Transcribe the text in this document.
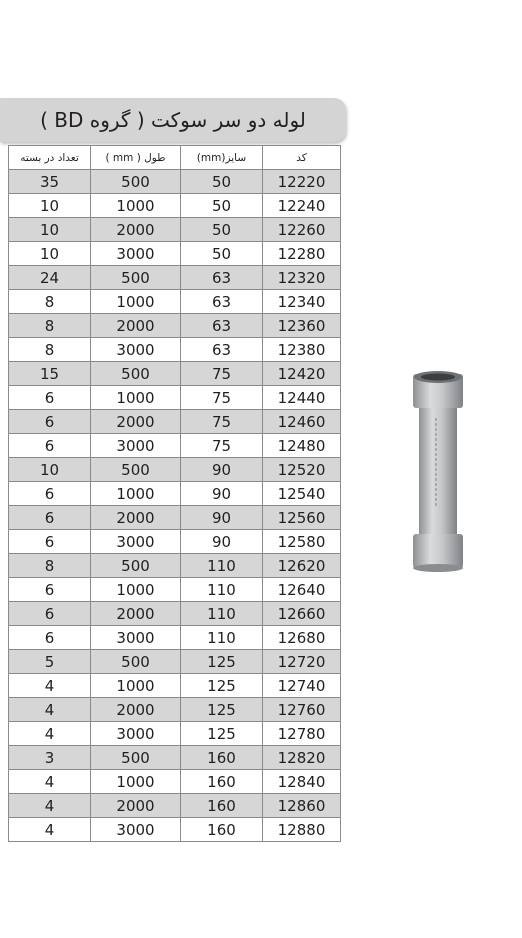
لوله دو سر سوکت ( گروه BD )
تعداد در بسته	طول ( mm )	سایز(mm)	کد
35	500	50	12220
10	1000	50	12240
10	2000	50	12260
10	3000	50	12280
24	500	63	12320
8	1000	63	12340
8	2000	63	12360
8	3000	63	12380
15	500	75	12420
6	1000	75	12440
6	2000	75	12460
6	3000	75	12480
10	500	90	12520
6	1000	90	12540
6	2000	90	12560
6	3000	90	12580
8	500	110	12620
6	1000	110	12640
6	2000	110	12660
6	3000	110	12680
5	500	125	12720
4	1000	125	12740
4	2000	125	12760
4	3000	125	12780
3	500	160	12820
4	1000	160	12840
4	2000	160	12860
4	3000	160	12880
